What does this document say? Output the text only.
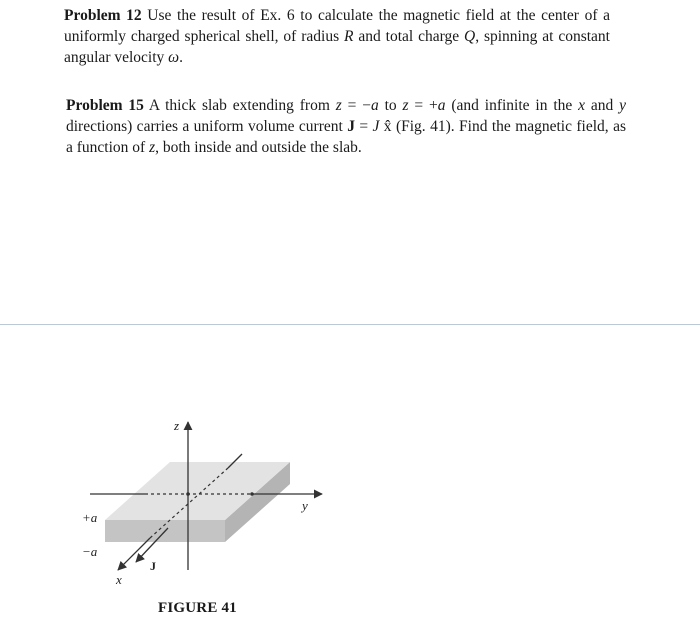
Problem 12 Use the result of Ex. 6 to calculate the magnetic field at the center of a uniformly charged spherical shell, of radius R and total charge Q, spinning at constant angular velocity ω.
Problem 15 A thick slab extending from z = −a to z = +a (and infinite in the x and y directions) carries a uniform volume current J = J x̂ (Fig. 41). Find the magnetic field, as a function of z, both inside and outside the slab.
z
y
x
J
+a
−a
FIGURE 41
